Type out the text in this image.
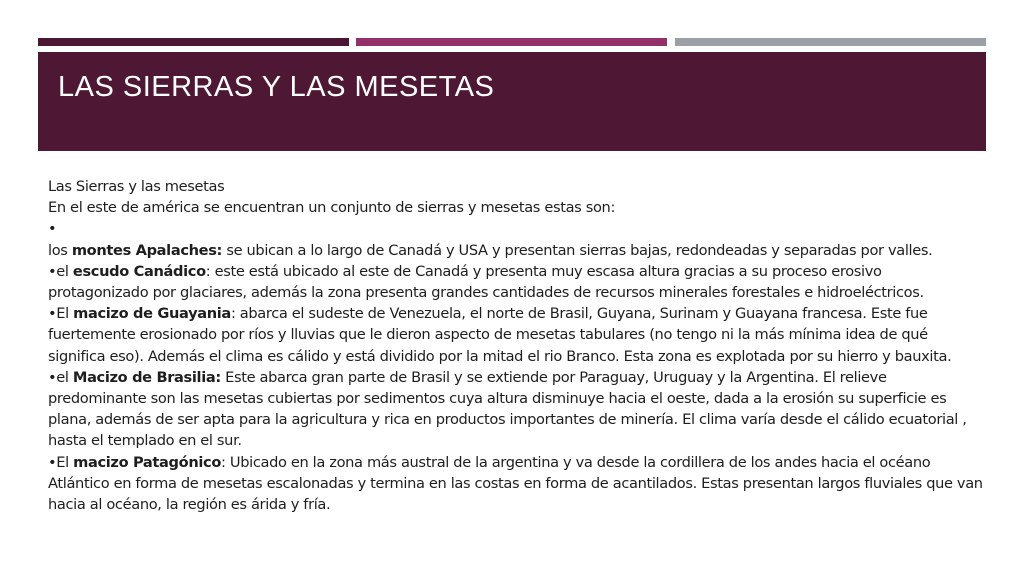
LAS SIERRAS Y LAS MESETAS

Las Sierras y las mesetas

En el este de américa se encuentran un conjunto de sierras y mesetas estas son:

•

los montes Apalaches: se ubican a lo largo de Canadá y USA y presentan sierras bajas, redondeadas y separadas por valles.

•el escudo Canádico: este está ubicado al este de Canadá y presenta muy escasa altura gracias a su proceso erosivo protagonizado por glaciares, además la zona presenta grandes cantidades de recursos minerales forestales e hidroeléctricos.

•El macizo de Guayania: abarca el sudeste de Venezuela, el norte de Brasil, Guyana, Surinam y Guayana francesa. Este fue fuertemente erosionado por ríos y lluvias que le dieron aspecto de mesetas tabulares (no tengo ni la más mínima idea de qué significa eso). Además el clima es cálido y está dividido por la mitad el rio Branco. Esta zona es explotada por su hierro y bauxita.

•el Macizo de Brasilia: Este abarca gran parte de Brasil y se extiende por Paraguay, Uruguay y la Argentina. El relieve predominante son las mesetas cubiertas por sedimentos cuya altura disminuye hacia el oeste, dada a la erosión su superficie es plana, además de ser apta para la agricultura y rica en productos importantes de minería. El clima varía desde el cálido ecuatorial , hasta el templado en el sur.

•El macizo Patagónico: Ubicado en la zona más austral de la argentina y va desde la cordillera de los andes hacia el océano Atlántico en forma de mesetas escalonadas y termina en las costas en forma de acantilados. Estas presentan largos fluviales que van hacia al océano, la región es árida y fría.
